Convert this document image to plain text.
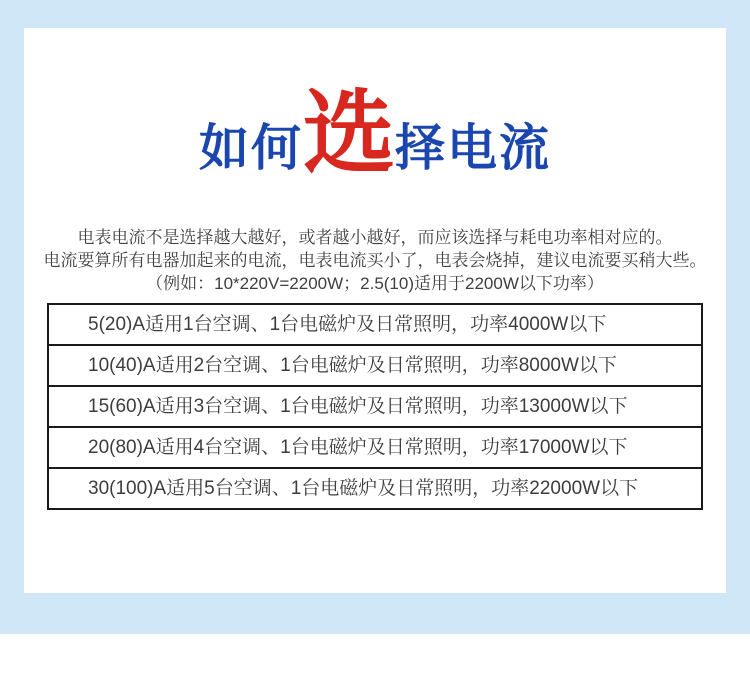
如何选择电流
电表电流不是选择越大越好，或者越小越好，而应该选择与耗电功率相对应的。
电流要算所有电器加起来的电流，电表电流买小了，电表会烧掉，建议电流要买稍大些。
（例如：10*220V=2200W；2.5(10)适用于2200W以下功率）
5(20)A适用1台空调、1台电磁炉及日常照明，功率4000W以下
10(40)A适用2台空调、1台电磁炉及日常照明，功率8000W以下
15(60)A适用3台空调、1台电磁炉及日常照明，功率13000W以下
20(80)A适用4台空调、1台电磁炉及日常照明，功率17000W以下
30(100)A适用5台空调、1台电磁炉及日常照明，功率22000W以下
